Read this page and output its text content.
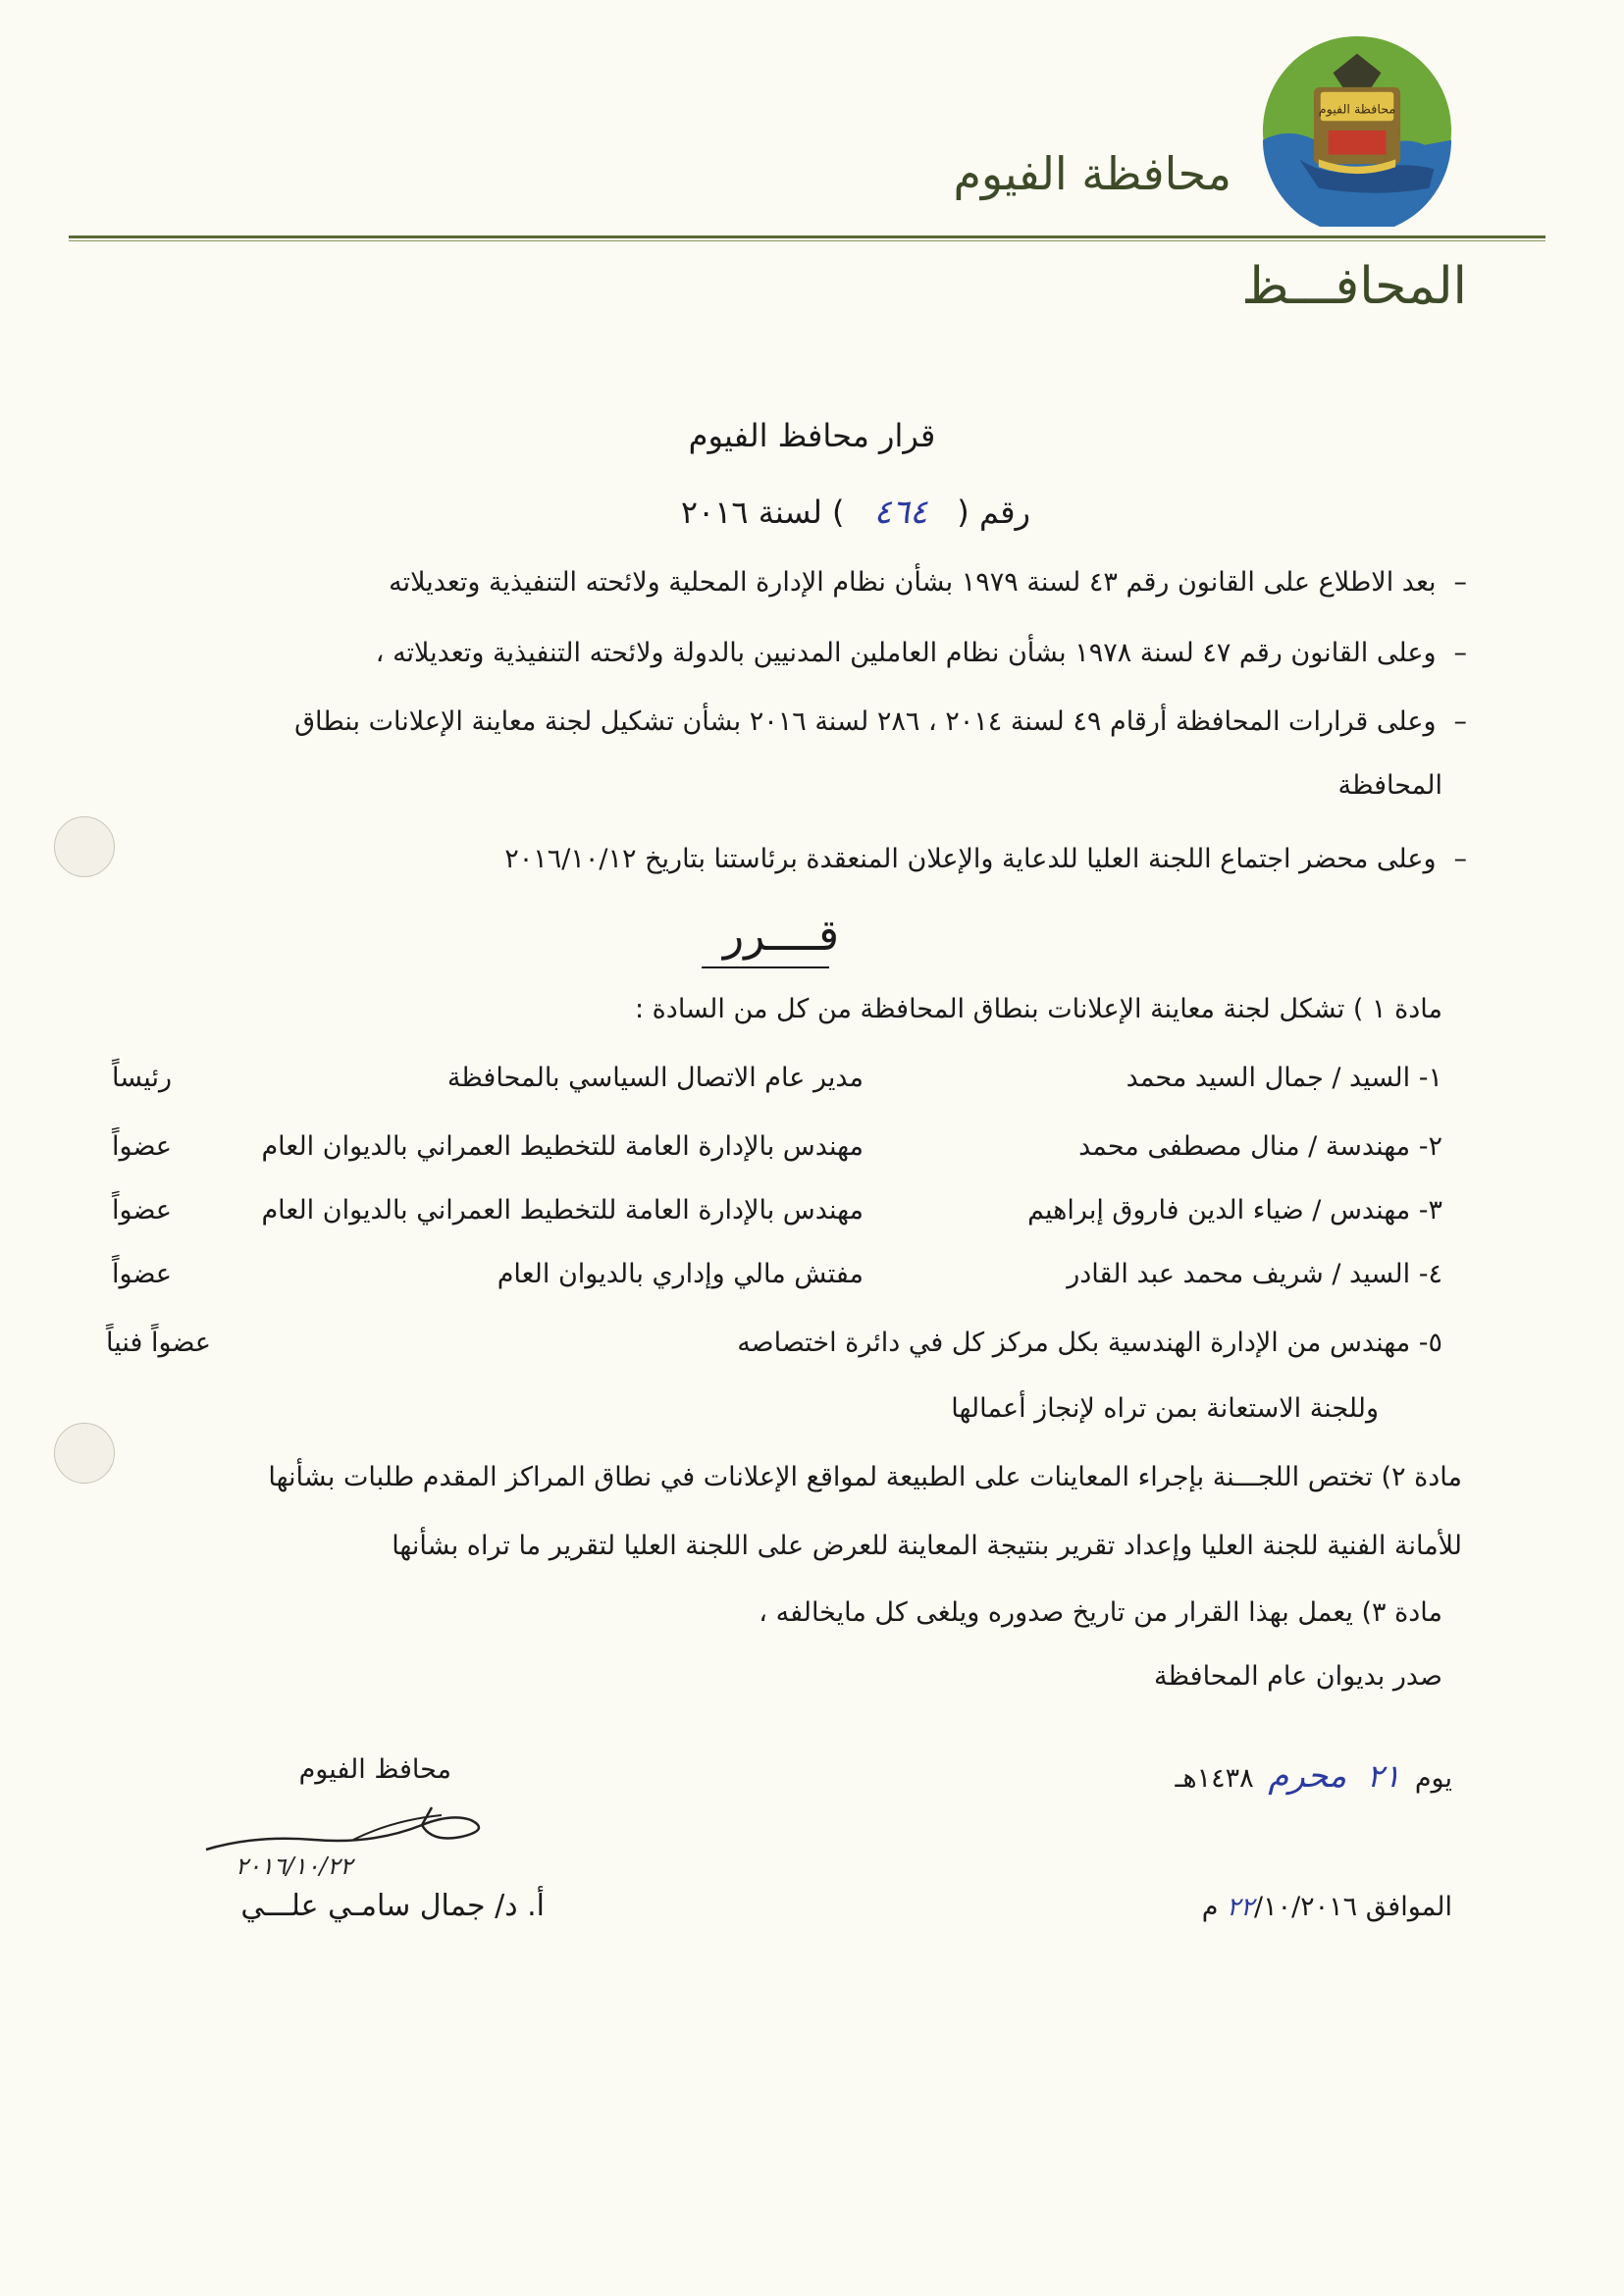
محافظة الفيوم
محافظة الفيوم
المحافـــظ
قرار محافظ الفيوم
رقم (٤٦٤) لسنة ٢٠١٦
–بعد الاطلاع على القانون رقم ٤٣ لسنة ١٩٧٩ بشأن نظام الإدارة المحلية ولائحته التنفيذية وتعديلاته
–وعلى القانون رقم ٤٧ لسنة ١٩٧٨ بشأن نظام العاملين المدنيين بالدولة ولائحته التنفيذية وتعديلاته ،
–وعلى قرارات المحافظة أرقام ٤٩ لسنة ٢٠١٤ ، ٢٨٦ لسنة ٢٠١٦ بشأن تشكيل لجنة معاينة الإعلانات بنطاق
المحافظة
–وعلى محضر اجتماع اللجنة العليا للدعاية والإعلان المنعقدة برئاستنا بتاريخ ٢٠١٦/١٠/١٢
قــــرر
مادة ١ ) تشكل لجنة معاينة الإعلانات بنطاق المحافظة من كل من السادة :
١- السيد / جمال السيد محمد
مدير عام الاتصال السياسي بالمحافظة
رئيساً
٢- مهندسة / منال مصطفى محمد
مهندس بالإدارة العامة للتخطيط العمراني بالديوان العام
عضواً
٣- مهندس / ضياء الدين فاروق إبراهيم
مهندس بالإدارة العامة للتخطيط العمراني بالديوان العام
عضواً
٤- السيد / شريف محمد عبد القادر
مفتش مالي وإداري بالديوان العام
عضواً
٥- مهندس من الإدارة الهندسية بكل مركز كل في دائرة اختصاصه
عضواً فنياً
وللجنة الاستعانة بمن تراه لإنجاز أعمالها
مادة ٢) تختص اللجـــنة بإجراء المعاينات على الطبيعة لمواقع الإعلانات في نطاق المراكز المقدم طلبات بشأنها
للأمانة الفنية للجنة العليا وإعداد تقرير بنتيجة المعاينة للعرض على اللجنة العليا لتقرير ما تراه بشأنها
مادة ٣) يعمل بهذا القرار من تاريخ صدوره ويلغى كل مايخالفه ،
صدر بديوان عام المحافظة
يوم ٢١ محرم ١٤٣٨هـ
الموافق ٢٢/١٠/٢٠١٦ م
محافظ الفيوم
٢٠١٦/١٠/٢٢
أ. د/ جمال سامـي علـــي
